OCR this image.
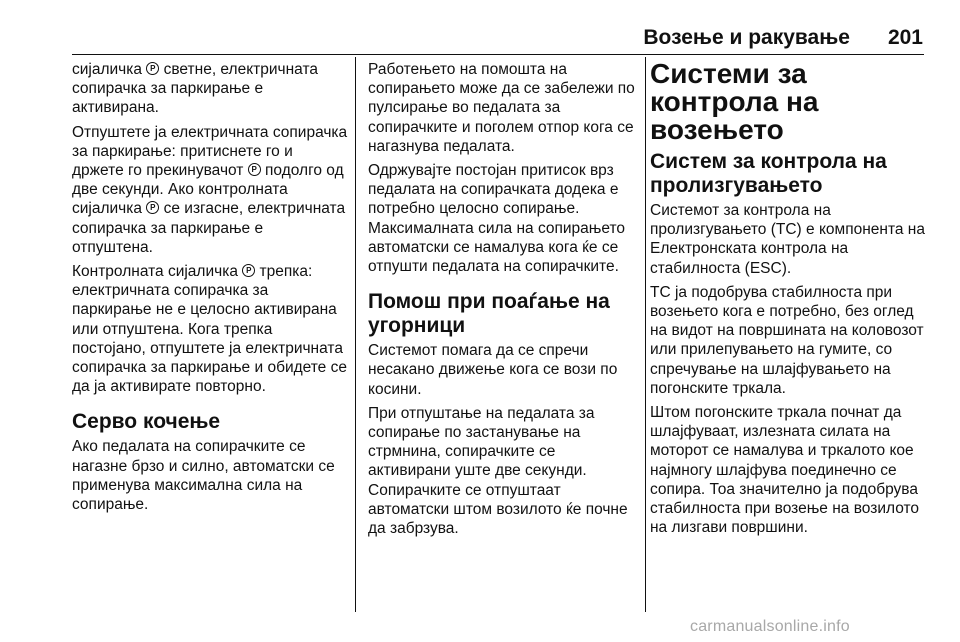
Возење и ракување 201

сијаличка P светне, електричната сопирачка за паркирање е активирана.

Отпуштете ја електричната сопирачка за паркирање: притиснете го и држете го прекинувачот P подолго од две секунди. Ако контролната сијаличка P се изгасне, електричната сопирачка за паркирање е отпуштена.

Контролната сијаличка P трепка: електричната сопирачка за паркирање не е целосно активирана или отпуштена. Кога трепка постојано, отпуштете ја електричната сопирачка за паркирање и обидете се да ја активирате повторно.

Серво кочење

Ако педалата на сопирачките се нагазне брзо и силно, автоматски се применува максимална сила на сопирање.

Работењето на помошта на сопирањето може да се забележи по пулсирање во педалата за сопирачките и поголем отпор кога се нагазнува педалата.

Одржувајте постојан притисок врз педалата на сопирачката додека е потребно целосно сопирање. Максималната сила на сопирањето автоматски се намалува кога ќе се отпушти педалата на сопирачките.

Помош при поаѓање на угорници

Системот помага да се спречи несакано движење кога се вози по косини.

При отпуштање на педалата за сопирање по застанување на стрмнина, сопирачките се активирани уште две секунди. Сопирачките се отпуштаат автоматски штом возилото ќе почне да забрзува.

Системи за контрола на возењето
Систем за контрола на пролизгувањето

Системот за контрола на пролизгувањето (TC) е компонента на Електронската контрола на стабилноста (ESC).

TC ја подобрува стабилноста при возењето кога е потребно, без оглед на видот на површината на коловозот или прилепувањето на гумите, со спречување на шлајфувањето на погонските тркала.

Штом погонските тркала почнат да шлајфуваат, излезната силата на моторот се намалува и тркалото кое најмногу шлајфува поединечно се сопира. Тоа значително ја подобрува стабилноста при возење на возилото на лизгави површини.

carmanualsonline.info
